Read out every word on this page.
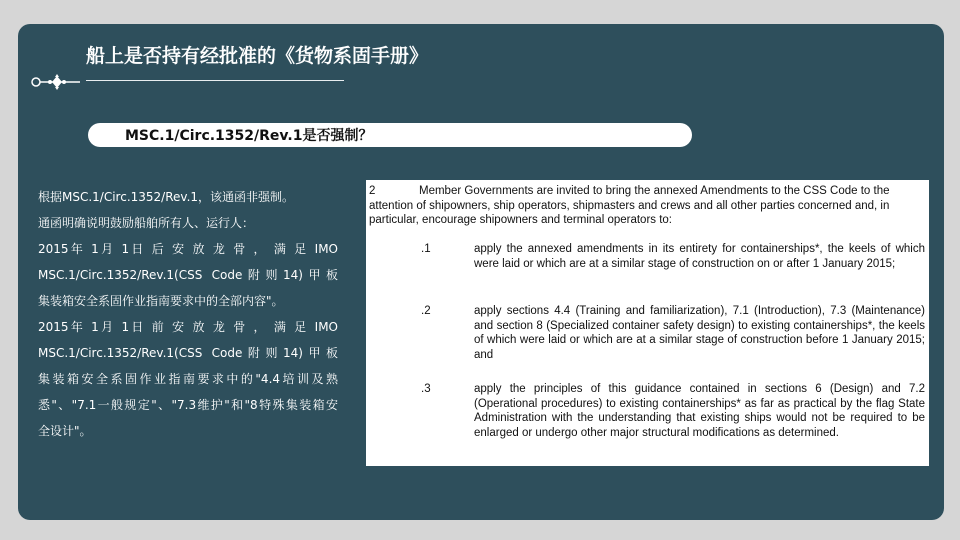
船上是否持有经批准的《货物系固手册》
MSC.1/Circ.1352/Rev.1是否强制？

根据MSC.1/Circ.1352/Rev.1，该通函非强制。

通函明确说明鼓励船舶所有人、运行人：

2015年 1月 1日 后 安 放 龙 骨 ， 满 足 IMO

MSC.1/Circ.1352/Rev.1(CSS Code附则14)甲板

集装箱安全系固作业指南要求中的全部内容"。

2015年 1月 1日 前 安 放 龙 骨 ， 满 足 IMO

MSC.1/Circ.1352/Rev.1(CSS Code附则14)甲板

集装箱安全系固作业指南要求中的"4.4培训及熟

悉"、"7.1一般规定"、"7.3维护"和"8特殊集装箱安

全设计"。

2	Member Governments are invited to bring the annexed Amendments to the CSS Code to the attention of shipowners, ship operators, shipmasters and crews and all other parties concerned and, in particular, encourage shipowners and terminal operators to:
.1	apply the annexed amendments in its entirety for containerships*, the keels of which were laid or which are at a similar stage of construction on or after 1 January 2015;
.2	apply sections 4.4 (Training and familiarization), 7.1 (Introduction), 7.3 (Maintenance) and section 8 (Specialized container safety design) to existing containerships*, the keels of which were laid or which are at a similar stage of construction before 1 January 2015; and
.3	apply the principles of this guidance contained in sections 6 (Design) and 7.2 (Operational procedures) to existing containerships* as far as practical by the flag State Administration with the understanding that existing ships would not be required to be enlarged or undergo other major structural modifications as determined.
